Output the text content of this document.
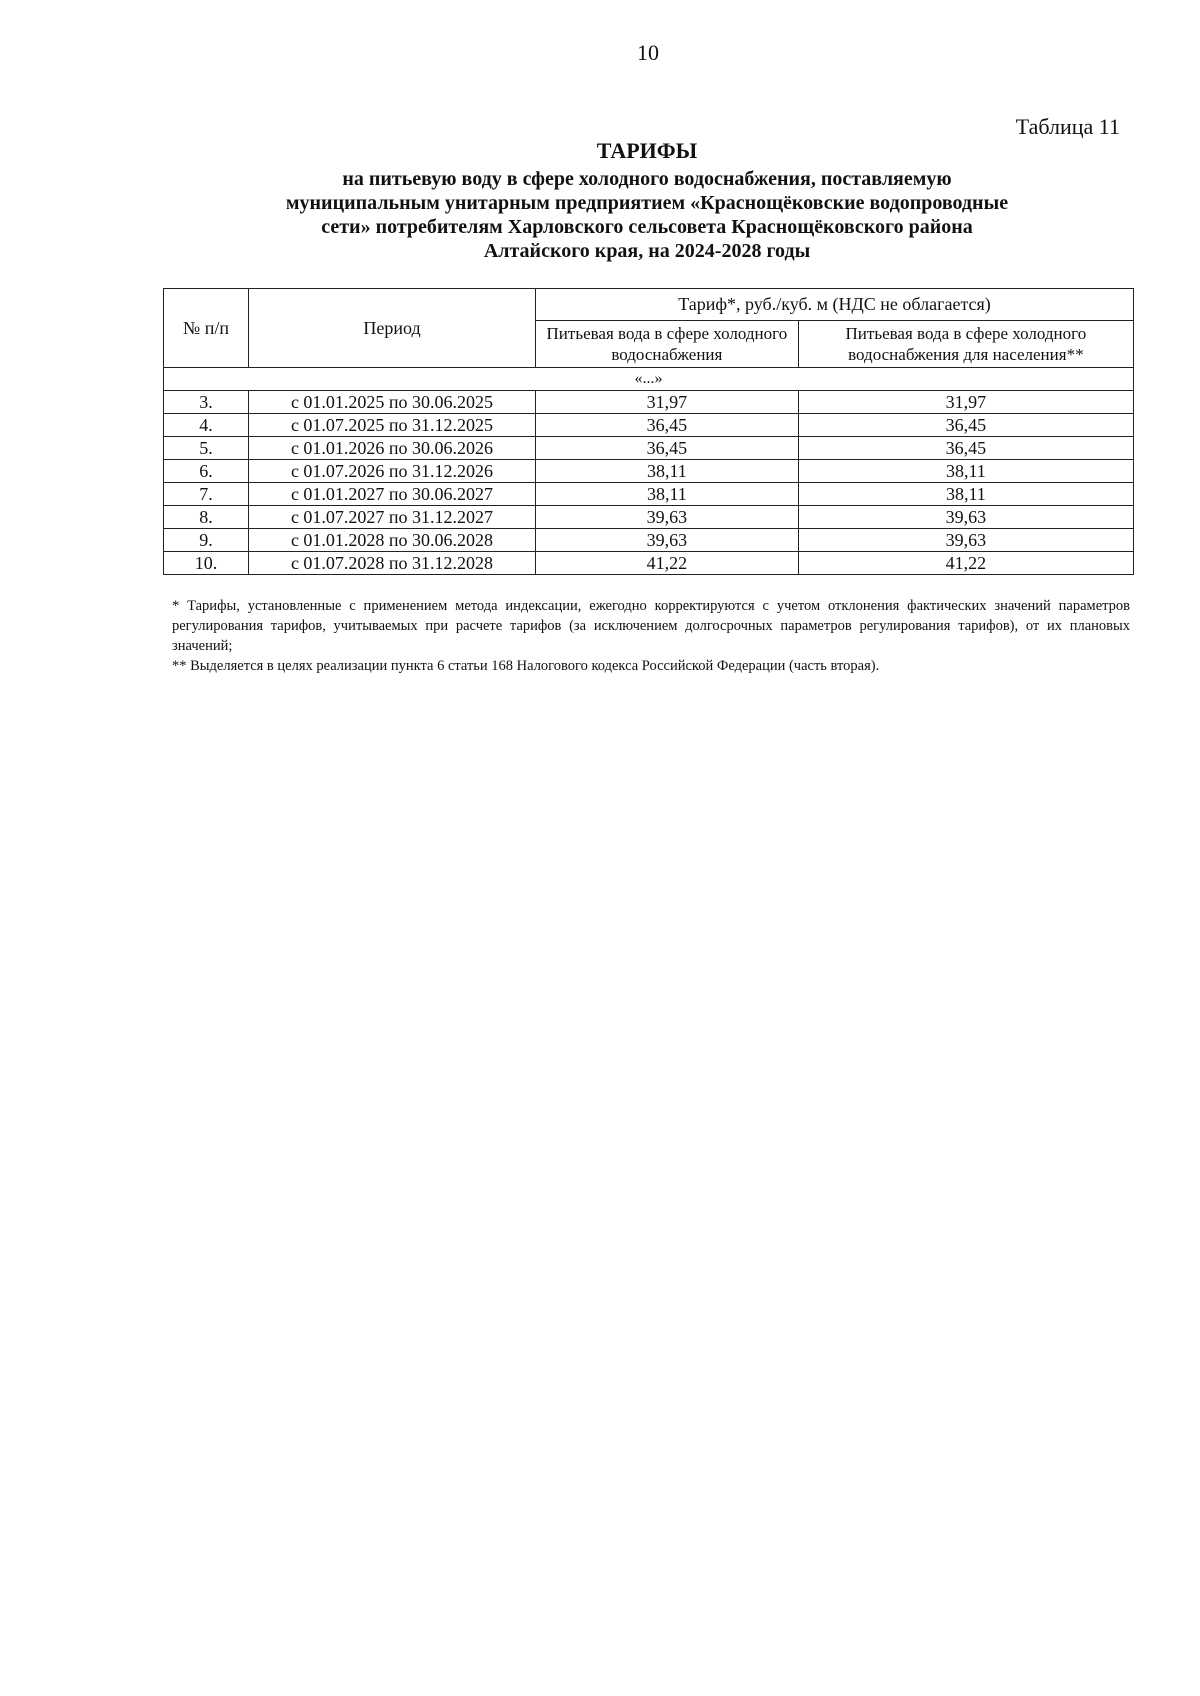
10
Таблица 11
ТАРИФЫ
на питьевую воду в сфере холодного водоснабжения, поставляемую
муниципальным унитарным предприятием «Краснощёковские водопроводные
сети» потребителям Харловского сельсовета Краснощёковского района
Алтайского края, на 2024-2028 годы
№ п/п	Период	Тариф*, руб./куб. м (НДС не облагается)	
		Питьевая вода в сфере холодного водоснабжения	Питьевая вода в сфере холодного водоснабжения для населения**
«...»			
3.	с 01.01.2025 по 30.06.2025	31,97	31,97
4.	с 01.07.2025 по 31.12.2025	36,45	36,45
5.	с 01.01.2026 по 30.06.2026	36,45	36,45
6.	с 01.07.2026 по 31.12.2026	38,11	38,11
7.	с 01.01.2027 по 30.06.2027	38,11	38,11
8.	с 01.07.2027 по 31.12.2027	39,63	39,63
9.	с 01.01.2028 по 30.06.2028	39,63	39,63
10.	с 01.07.2028 по 31.12.2028	41,22	41,22

* Тарифы, установленные с применением метода индексации, ежегодно корректируются с учетом отклонения фактических значений параметров регулирования тарифов, учитываемых при расчете тарифов (за исключением долгосрочных параметров регулирования тарифов), от их плановых значений;

** Выделяется в целях реализации пункта 6 статьи 168 Налогового кодекса Российской Федерации (часть вторая).
